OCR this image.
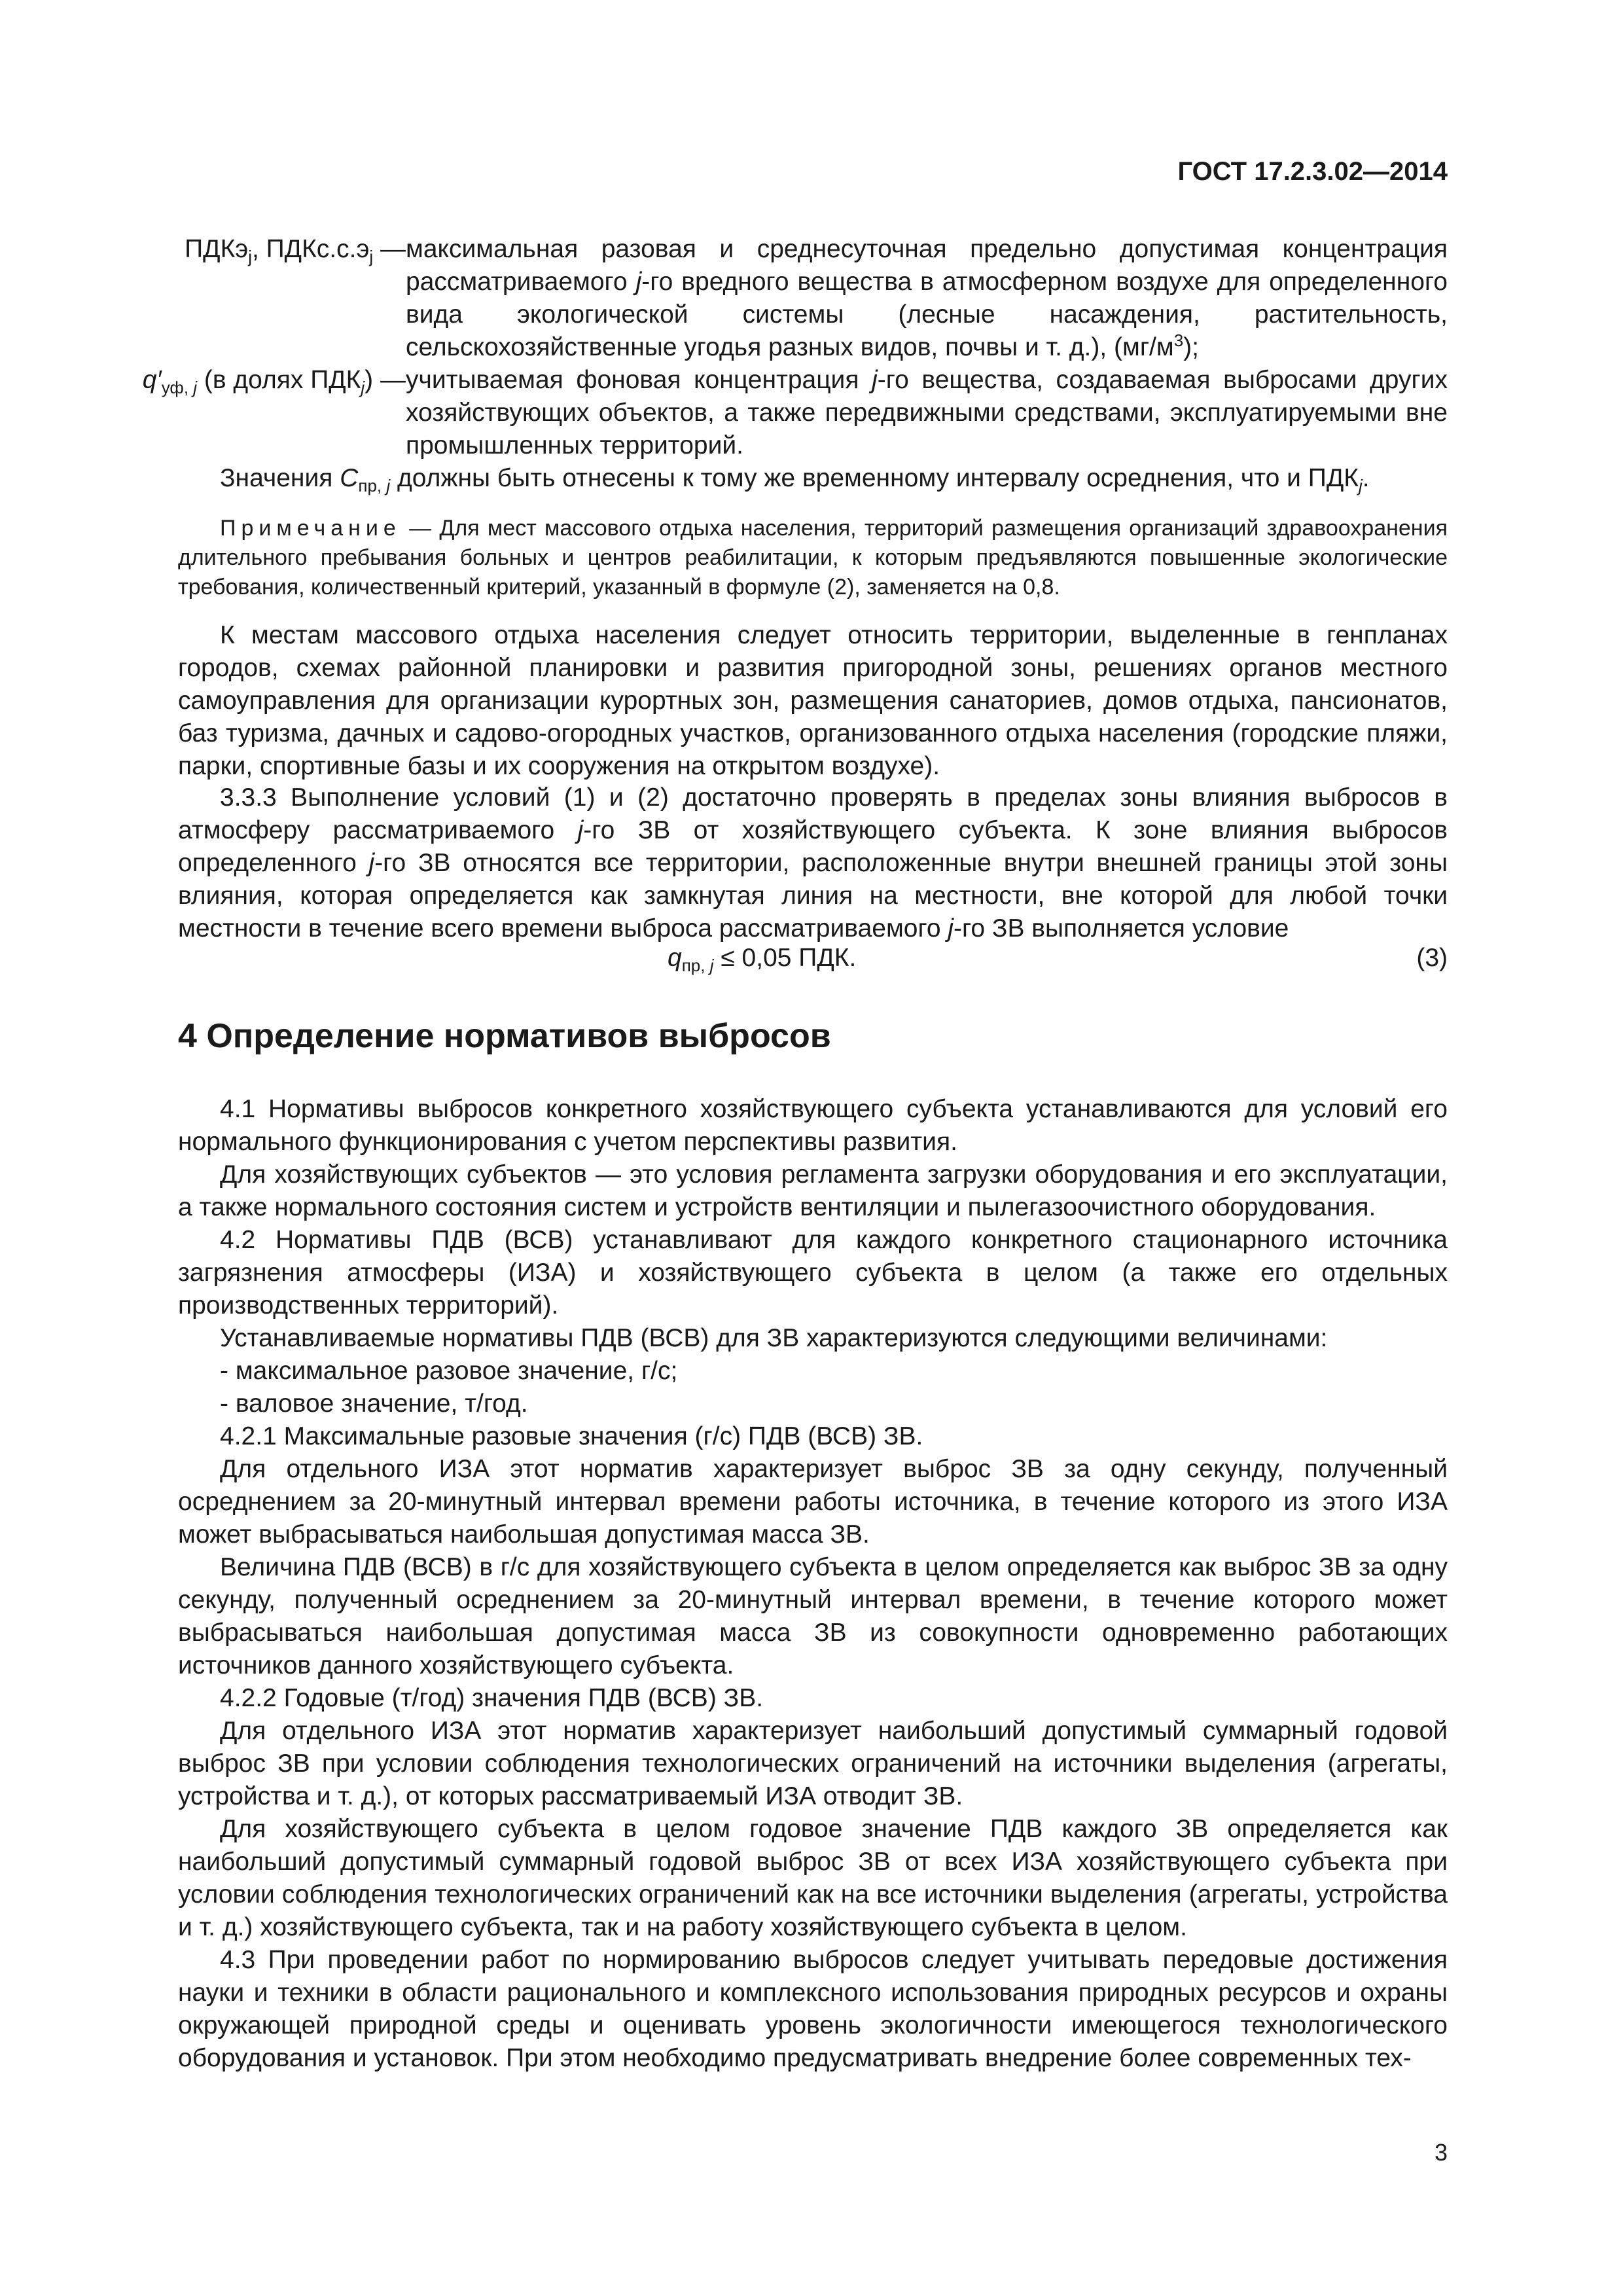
ГОСТ 17.2.3.02—2014
ПДКэ$_j$, $ПДКс.с.э_j$ — максимальная разовая и среднесуточная предельно допустимая концентрация рассматриваемого j-го вредного вещества в атмосферном воздухе для определенного вида экологической системы (лесные насаждения, растительность, сельскохозяйственные угодья разных видов, почвы и т. д.), $(мг/м^3)$;
$q'_{уф, j}$ (в долях $ПДК_j$) — учитываемая фоновая концентрация j-го вещества, создаваемая выбросами других хозяйствующих объектов, а также передвижными средствами, эксплуатируемыми вне промышленных территорий.
Значения $C_{пр, j}$ должны быть отнесены к тому же временному интервалу осреднения, что и $ПДК_j$.
Примечание — Для мест массового отдыха населения, территорий размещения организаций здравоохранения длительного пребывания больных и центров реабилитации, к которым предъявляются повышенные экологические требования, количественный критерий, указанный в формуле (2), заменяется на 0,8.
К местам массового отдыха населения следует относить территории, выделенные в генпланах городов, схемах районной планировки и развития пригородной зоны, решениях органов местного самоуправления для организации курортных зон, размещения санаториев, домов отдыха, пансионатов, баз туризма, дачных и садово-огородных участков, организованного отдыха населения (городские пляжи, парки, спортивные базы и их сооружения на открытом воздухе).
3.3.3 Выполнение условий (1) и (2) достаточно проверять в пределах зоны влияния выбросов в атмосферу рассматриваемого j-го ЗВ от хозяйствующего субъекта. К зоне влияния выбросов определенного j-го ЗВ относятся все территории, расположенные внутри внешней границы этой зоны влияния, которая определяется как замкнутая линия на местности, вне которой для любой точки местности в течение всего времени выброса рассматриваемого j-го ЗВ выполняется условие
$q_{пр, j} \le 0,05$ ПДК.	(3)
4 Определение нормативов выбросов

4.1 Нормативы выбросов конкретного хозяйствующего субъекта устанавливаются для условий его нормального функционирования с учетом перспективы развития.

Для хозяйствующих субъектов — это условия регламента загрузки оборудования и его эксплуатации, а также нормального состояния систем и устройств вентиляции и пылегазоочистного оборудования.

4.2 Нормативы ПДВ (ВСВ) устанавливают для каждого конкретного стационарного источника загрязнения атмосферы (ИЗА) и хозяйствующего субъекта в целом (а также его отдельных производственных территорий).

Устанавливаемые нормативы ПДВ (ВСВ) для ЗВ характеризуются следующими величинами:

- максимальное разовое значение, г/с;

- валовое значение, т/год.

4.2.1 Максимальные разовые значения (г/с) ПДВ (ВСВ) ЗВ.

Для отдельного ИЗА этот норматив характеризует выброс ЗВ за одну секунду, полученный осреднением за 20-минутный интервал времени работы источника, в течение которого из этого ИЗА может выбрасываться наибольшая допустимая масса ЗВ.

Величина ПДВ (ВСВ) в г/с для хозяйствующего субъекта в целом определяется как выброс ЗВ за одну секунду, полученный осреднением за 20-минутный интервал времени, в течение которого может выбрасываться наибольшая допустимая масса ЗВ из совокупности одновременно работающих источников данного хозяйствующего субъекта.

4.2.2 Годовые (т/год) значения ПДВ (ВСВ) ЗВ.

Для отдельного ИЗА этот норматив характеризует наибольший допустимый суммарный годовой выброс ЗВ при условии соблюдения технологических ограничений на источники выделения (агрегаты, устройства и т. д.), от которых рассматриваемый ИЗА отводит ЗВ.

Для хозяйствующего субъекта в целом годовое значение ПДВ каждого ЗВ определяется как наибольший допустимый суммарный годовой выброс ЗВ от всех ИЗА хозяйствующего субъекта при условии соблюдения технологических ограничений как на все источники выделения (агрегаты, устройства и т. д.) хозяйствующего субъекта, так и на работу хозяйствующего субъекта в целом.

4.3 При проведении работ по нормированию выбросов следует учитывать передовые достижения науки и техники в области рационального и комплексного использования природных ресурсов и охраны окружающей природной среды и оценивать уровень экологичности имеющегося технологического оборудования и установок. При этом необходимо предусматривать внедрение более современных тех-

3
